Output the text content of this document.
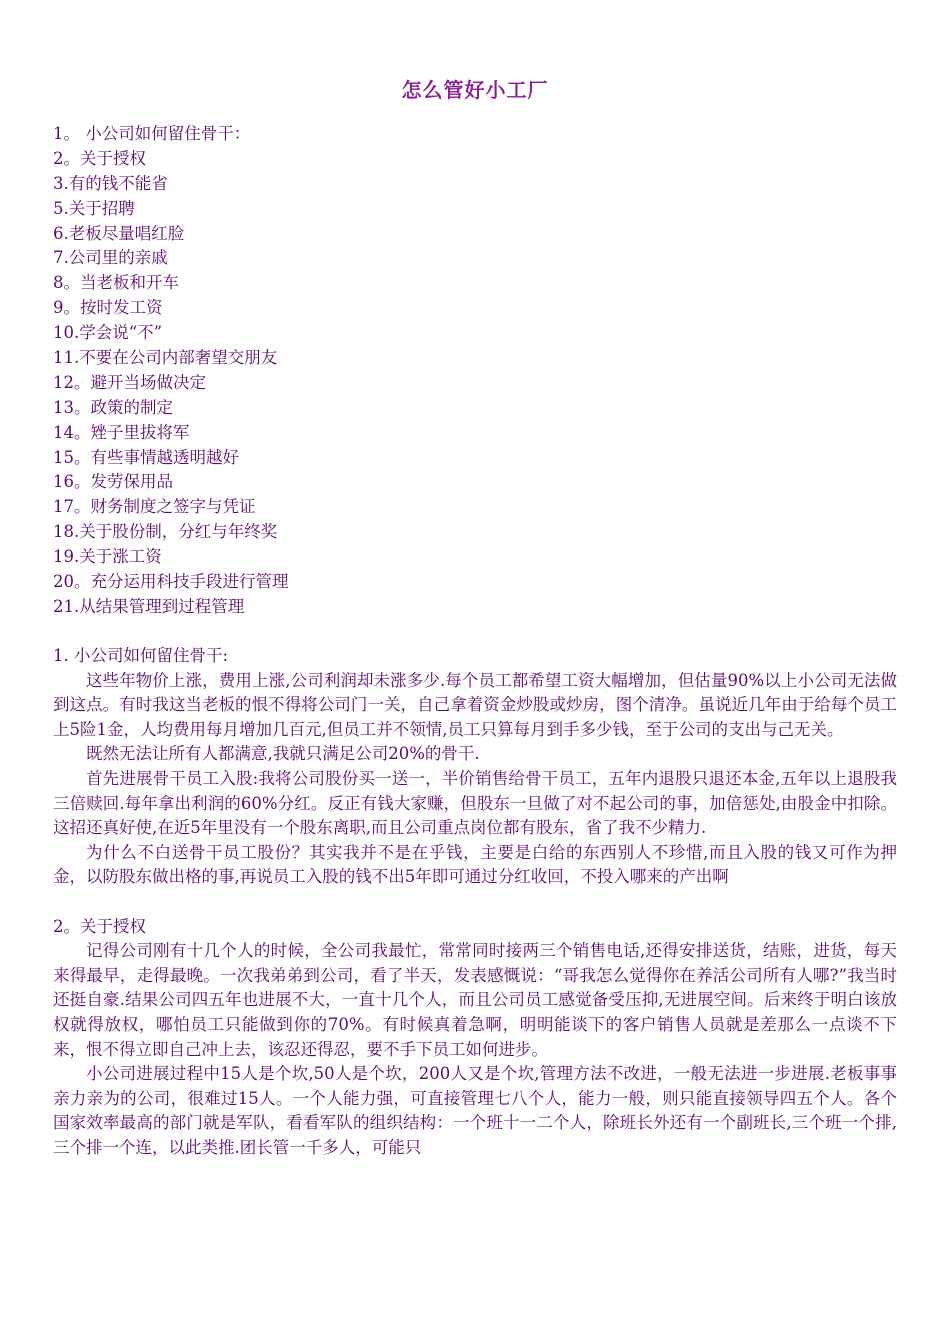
怎么管好小工厂
1。 小公司如何留住骨干：
2。关于授权
3.有的钱不能省
5.关于招聘
6.老板尽量唱红脸
7.公司里的亲戚
8。当老板和开车
9。按时发工资
10.学会说“不”
11.不要在公司内部奢望交朋友
12。避开当场做决定
13。政策的制定
14。矬子里拔将军
15。有些事情越透明越好
16。发劳保用品
17。财务制度之签字与凭证
18.关于股份制，分红与年终奖
19.关于涨工资
20。充分运用科技手段进行管理
21.从结果管理到过程管理
1. 小公司如何留住骨干:

这些年物价上涨，费用上涨,公司利润却未涨多少.每个员工都希望工资大幅增加，但估量90%以上小公司无法做到这点。有时我这当老板的恨不得将公司门一关，自己拿着资金炒股或炒房，图个清净。虽说近几年由于给每个员工上5险1金，人均费用每月增加几百元,但员工并不领情,员工只算每月到手多少钱，至于公司的支出与己无关。

既然无法让所有人都满意,我就只满足公司20%的骨干.

首先进展骨干员工入股:我将公司股份买一送一，半价销售给骨干员工，五年内退股只退还本金,五年以上退股我三倍赎回.每年拿出利润的60%分红。反正有钱大家赚，但股东一旦做了对不起公司的事，加倍惩处,由股金中扣除。这招还真好使,在近5年里没有一个股东离职,而且公司重点岗位都有股东，省了我不少精力.

为什么不白送骨干员工股份？其实我并不是在乎钱，主要是白给的东西别人不珍惜,而且入股的钱又可作为押金，以防股东做出格的事,再说员工入股的钱不出5年即可通过分红收回，不投入哪来的产出啊

2。关于授权

记得公司刚有十几个人的时候，全公司我最忙，常常同时接两三个销售电话,还得安排送货，结账，进货，每天来得最早，走得最晚。一次我弟弟到公司，看了半天，发表感慨说：“哥我怎么觉得你在养活公司所有人哪?”我当时还挺自豪.结果公司四五年也进展不大，一直十几个人，而且公司员工感觉备受压抑,无进展空间。后来终于明白该放权就得放权，哪怕员工只能做到你的70%。有时候真着急啊，明明能谈下的客户销售人员就是差那么一点谈不下来，恨不得立即自己冲上去，该忍还得忍，要不手下员工如何进步。

小公司进展过程中15人是个坎,50人是个坎，200人又是个坎,管理方法不改进，一般无法进一步进展.老板事事亲力亲为的公司，很难过15人。一个人能力强，可直接管理七八个人，能力一般，则只能直接领导四五个人。各个国家效率最高的部门就是军队，看看军队的组织结构：一个班十一二个人，除班长外还有一个副班长,三个班一个排,三个排一个连，以此类推.团长管一千多人，可能只
